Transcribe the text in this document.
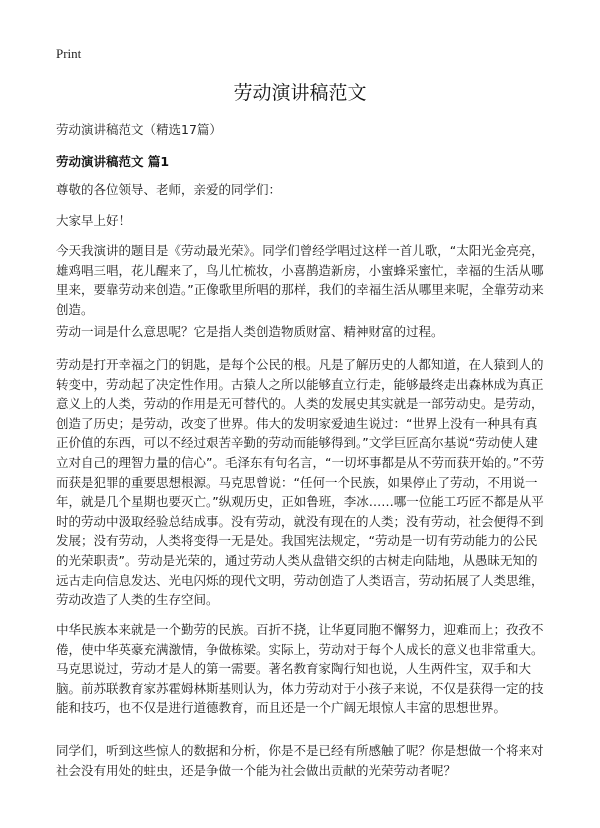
Print
劳动演讲稿范文
劳动演讲稿范文（精选17篇）
劳动演讲稿范文 篇1
尊敬的各位领导、老师，亲爱的同学们：
大家早上好！
今天我演讲的题目是《劳动最光荣》。同学们曾经学唱过这样一首儿歌，“太阳光金亮亮，雄鸡唱三唱，花儿醒来了，鸟儿忙梳妆，小喜鹊造新房，小蜜蜂采蜜忙，幸福的生活从哪里来，要靠劳动来创造。”正像歌里所唱的那样，我们的幸福生活从哪里来呢，全靠劳动来创造。
劳动一词是什么意思呢？它是指人类创造物质财富、精神财富的过程。
劳动是打开幸福之门的钥匙，是每个公民的根。凡是了解历史的人都知道，在人猿到人的转变中，劳动起了决定性作用。古猿人之所以能够直立行走，能够最终走出森林成为真正意义上的人类，劳动的作用是无可替代的。人类的发展史其实就是一部劳动史。是劳动，创造了历史；是劳动，改变了世界。伟大的发明家爱迪生说过：“世界上没有一种具有真正价值的东西，可以不经过艰苦辛勤的劳动而能够得到。”文学巨匠高尔基说“劳动使人建立对自己的理智力量的信心”。毛泽东有句名言，“一切坏事都是从不劳而获开始的。”不劳而获是犯罪的重要思想根源。马克思曾说：“任何一个民族，如果停止了劳动，不用说一年，就是几个星期也要灭亡。”纵观历史，正如鲁班，李冰……哪一位能工巧匠不都是从平时的劳动中汲取经验总结成事。没有劳动，就没有现在的人类；没有劳动，社会便得不到发展；没有劳动，人类将变得一无是处。我国宪法规定，“劳动是一切有劳动能力的公民的光荣职责”。劳动是光荣的，通过劳动人类从盘错交织的古树走向陆地，从愚昧无知的远古走向信息发达、光电闪烁的现代文明，劳动创造了人类语言，劳动拓展了人类思维，劳动改造了人类的生存空间。
中华民族本来就是一个勤劳的民族。百折不挠，让华夏同胞不懈努力，迎难而上；孜孜不倦，使中华英豪充满激情，争做栋梁。实际上，劳动对于每个人成长的意义也非常重大。马克思说过，劳动才是人的第一需要。著名教育家陶行知也说，人生两件宝，双手和大脑。前苏联教育家苏霍姆林斯基则认为，体力劳动对于小孩子来说，不仅是获得一定的技能和技巧，也不仅是进行道德教育，而且还是一个广阔无垠惊人丰富的思想世界。
同学们，听到这些惊人的数据和分析，你是不是已经有所感触了呢？你是想做一个将来对社会没有用处的蛀虫，还是争做一个能为社会做出贡献的光荣劳动者呢？
